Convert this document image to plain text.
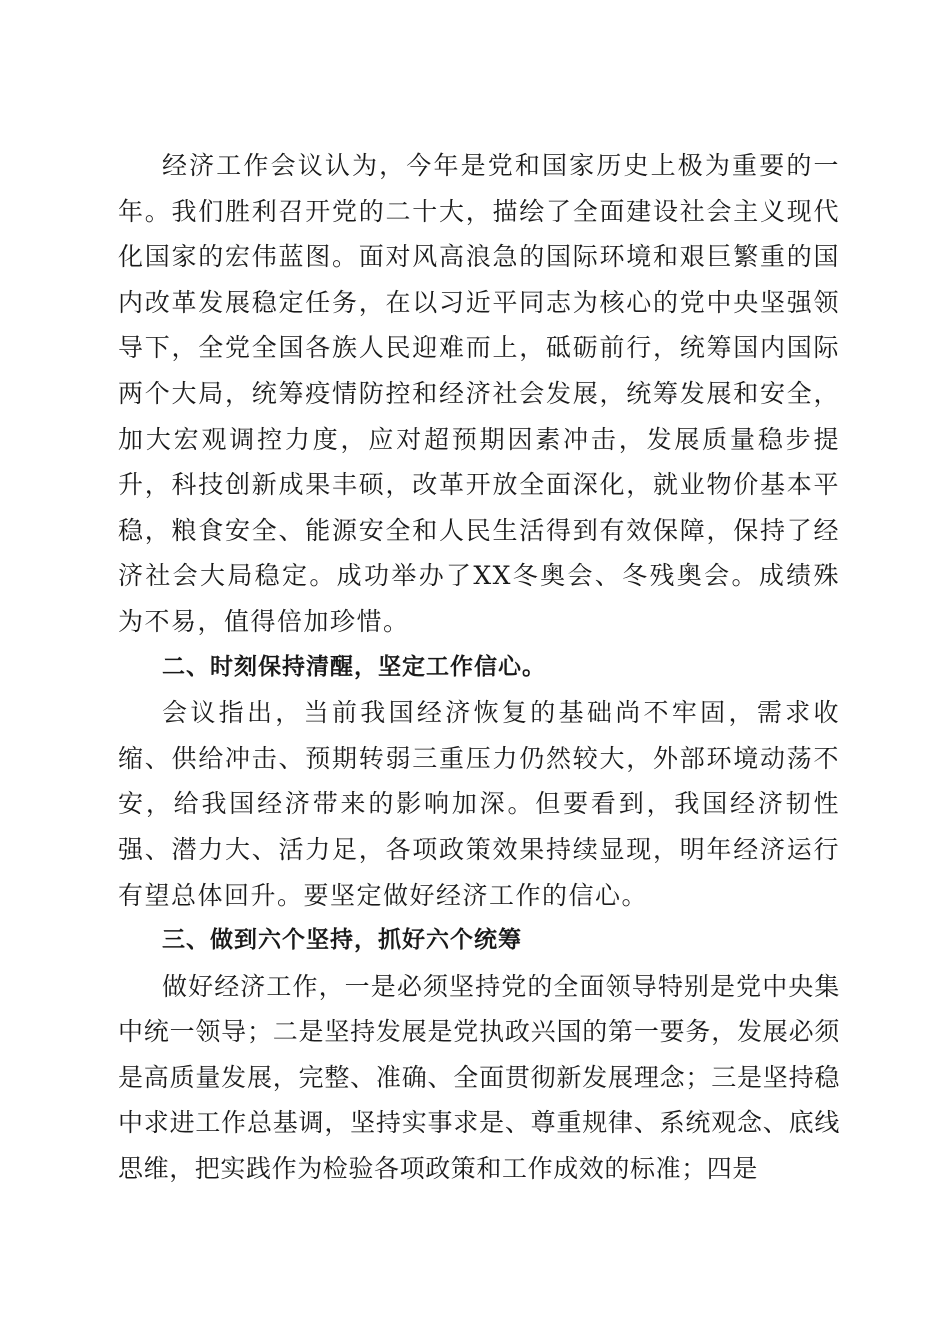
经济工作会议认为，今年是党和国家历史上极为重要的一年。我们胜利召开党的二十大，描绘了全面建设社会主义现代化国家的宏伟蓝图。面对风高浪急的国际环境和艰巨繁重的国内改革发展稳定任务，在以习近平同志为核心的党中央坚强领导下，全党全国各族人民迎难而上，砥砺前行，统筹国内国际两个大局，统筹疫情防控和经济社会发展，统筹发展和安全，加大宏观调控力度，应对超预期因素冲击，发展质量稳步提升，科技创新成果丰硕，改革开放全面深化，就业物价基本平稳，粮食安全、能源安全和人民生活得到有效保障，保持了经济社会大局稳定。成功举办了XX冬奥会、冬残奥会。成绩殊为不易，值得倍加珍惜。

二、时刻保持清醒，坚定工作信心。

会议指出，当前我国经济恢复的基础尚不牢固，需求收缩、供给冲击、预期转弱三重压力仍然较大，外部环境动荡不安，给我国经济带来的影响加深。但要看到，我国经济韧性强、潜力大、活力足，各项政策效果持续显现，明年经济运行有望总体回升。要坚定做好经济工作的信心。

三、做到六个坚持，抓好六个统筹

做好经济工作，一是必须坚持党的全面领导特别是党中央集中统一领导；二是坚持发展是党执政兴国的第一要务，发展必须是高质量发展，完整、准确、全面贯彻新发展理念；三是坚持稳中求进工作总基调，坚持实事求是、尊重规律、系统观念、底线思维，把实践作为检验各项政策和工作成效的标准；四是
